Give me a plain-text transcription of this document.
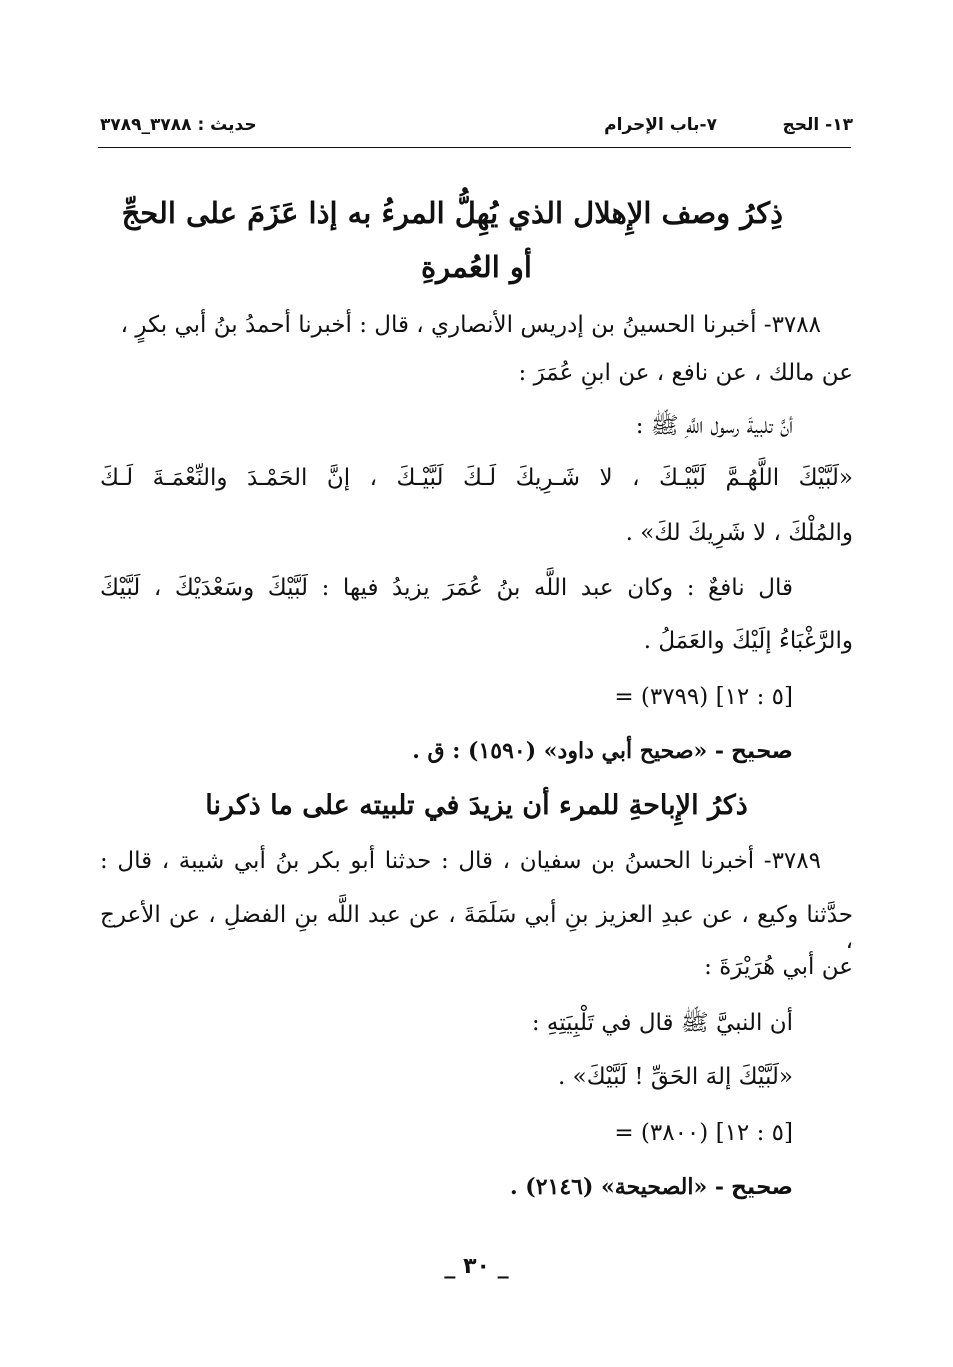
١٣- الحج
٧-باب الإحرام
حديث : ٣٧٨٨_٣٧٨٩
ذِكرُ وصف الإِهلال الذي يُهِلُّ المرءُ به إذا عَزَمَ على الحجِّ
أو العُمرةِ
٣٧٨٨- أخبرنا الحسينُ بن إدريس الأنصاري ، قال : أخبرنا أحمدُ بنُ أبي بكرٍ ،
عن مالك ، عن نافع ، عن ابنِ عُمَرَ :
أنَّ تلبيةَ رسول اللَّهِ ﷺ :
«لَبَّيْكَ اللَّهُـمَّ لَبَّيْـكَ ، لا شَـرِيكَ لَـكَ لَبَّيْـكَ ، إنَّ الحَمْـدَ والنِّعْمَـةَ لَـكَ
والمُلْكَ ، لا شَرِيكَ لكَ» .
قال نافعٌ : وكان عبد اللَّه بنُ عُمَرَ يزيدُ فيها : لَبَّيْكَ وسَعْدَيْكَ ، لَبَّيْكَ
والرَّغْبَاءُ إلَيْكَ والعَمَلُ .
= (٣٧٩٩) [٥ : ١٢]
صحيح - «صحيح أبي داود» (١٥٩٠) : ق .
ذكرُ الإِباحةِ للمرء أن يزيدَ في تلبيته على ما ذكرنا
٣٧٨٩- أخبرنا الحسنُ بن سفيان ، قال : حدثنا أبو بكر بنُ أبي شيبة ، قال :
حدَّثنا وكيع ، عن عبدِ العزيز بنِ أبي سَلَمَةَ ، عن عبد اللَّه بنِ الفضلِ ، عن الأعرج ،
عن أبي هُرَيْرَةَ :
أن النبيَّ ﷺ قال في تَلْبِيَتِهِ :
«لَبَّيْكَ إلهَ الحَقِّ ! لَبَّيْكَ» .
= (٣٨٠٠) [٥ : ١٢]
صحيح - «الصحيحة» (٢١٤٦) .
_ ٣٠ _
